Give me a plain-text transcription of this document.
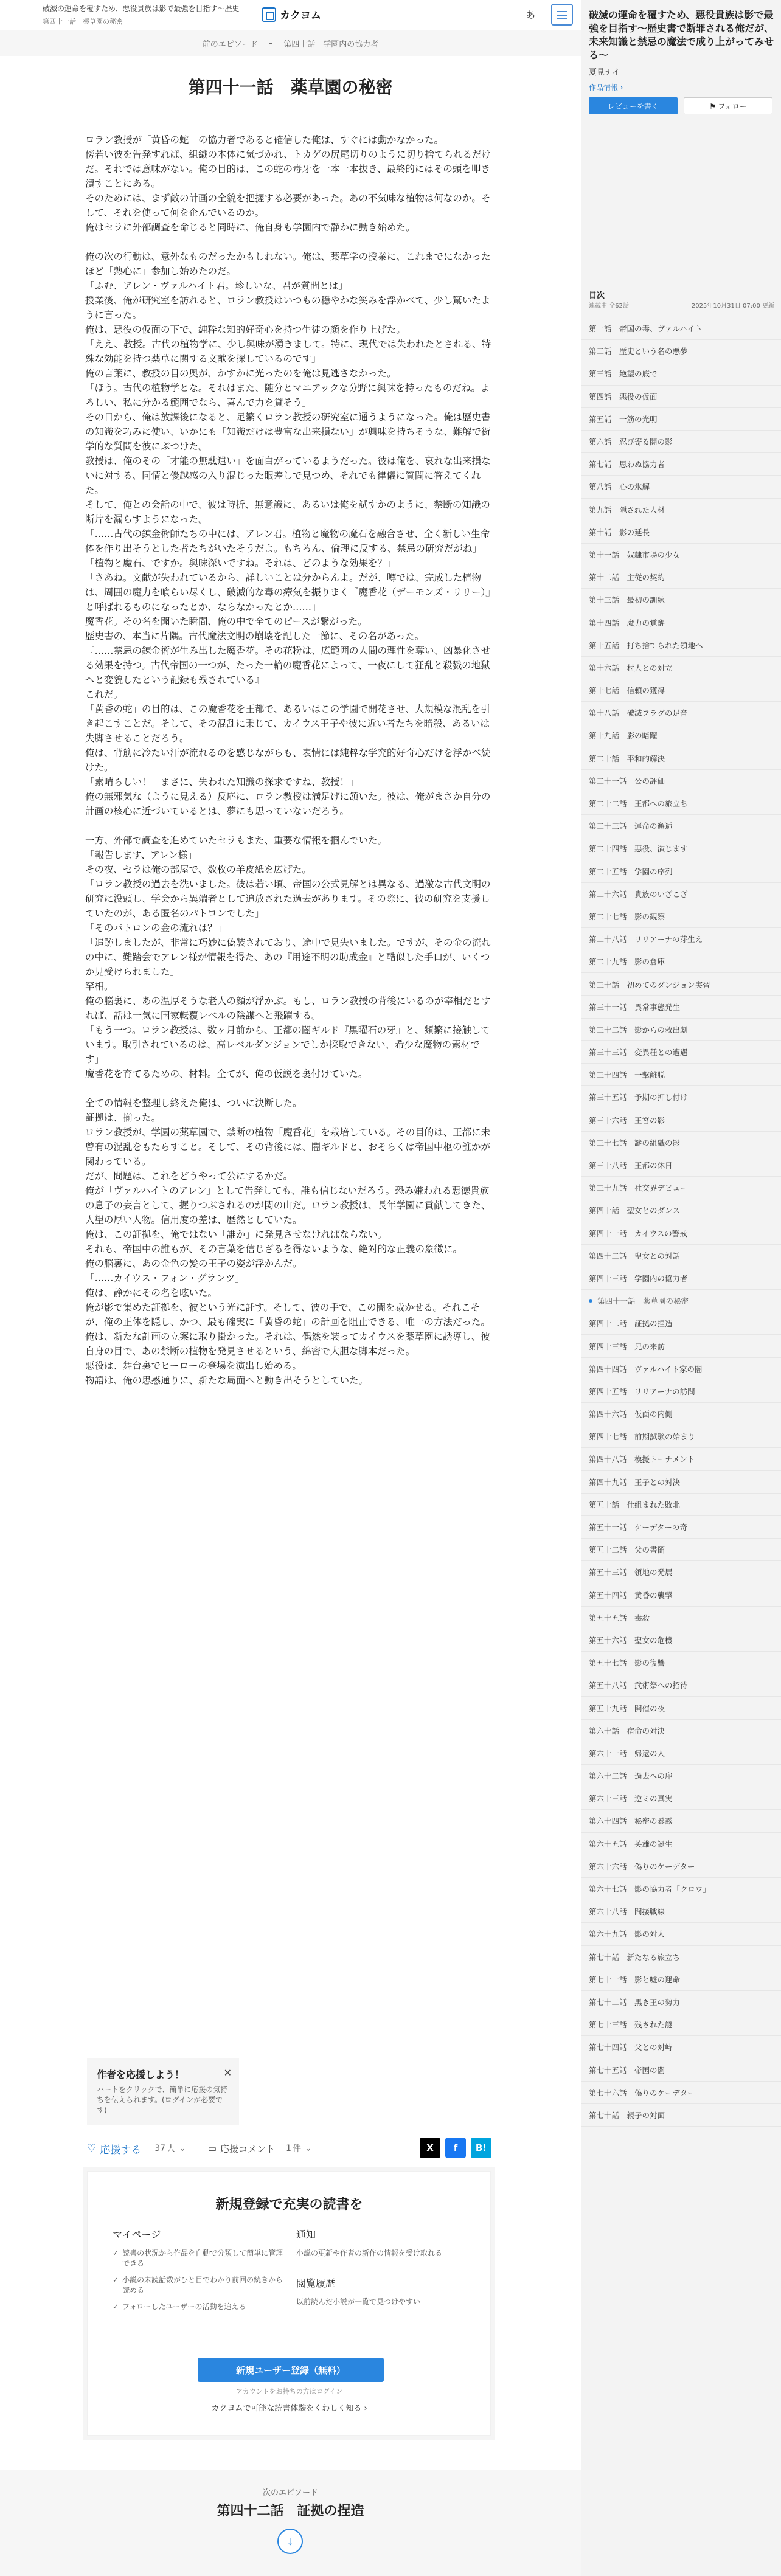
破滅の運命を覆すため、悪役貴族は影で最強を目指す〜歴史
第四十一話　薬草園の秘密	カクヨム	あ
前のエピソード – 第四十話　学園内の協力者
第四十一話　薬草園の秘密

ロラン教授が「黄昏の蛇」の協力者であると確信した俺は、すぐには動かなかった。

傍若い彼を告発すれば、組織の本体に気づかれ、トカゲの尻尾切りのように切り捨てられるだけだ。それでは意味がない。俺の目的は、この蛇の毒牙を一本一本抜き、最終的にはその頭を叩き潰すことにある。

そのためには、まず敵の計画の全貌を把握する必要があった。あの不気味な植物は何なのか。そして、それを使って何を企んでいるのか。

俺はセラに外部調査を命じると同時に、俺自身も学園内で静かに動き始めた。

俺の次の行動は、意外なものだったかもしれない。俺は、薬草学の授業に、これまでになかったほど「熱心に」参加し始めたのだ。

「ふむ、アレン・ヴァルハイト君。珍しいな、君が質問とは」

授業後、俺が研究室を訪れると、ロラン教授はいつもの穏やかな笑みを浮かべて、少し驚いたように言った。

俺は、悪役の仮面の下で、純粋な知的好奇心を持つ生徒の顔を作り上げた。

「ええ、教授。古代の植物学に、少し興味が湧きまして。特に、現代では失われたとされる、特殊な効能を持つ薬草に関する文献を探しているのです」

俺の言葉に、教授の目の奥が、かすかに光ったのを俺は見逃さなかった。

「ほう。古代の植物学とな。それはまた、随分とマニアックな分野に興味を持ったものだね。よろしい、私に分かる範囲でなら、喜んで力を貸そう」

その日から、俺は放課後になると、足繁くロラン教授の研究室に通うようになった。俺は歴史書の知識を巧みに使い、いかにも「知識だけは豊富な出来損ない」が興味を持ちそうな、難解で衒学的な質問を彼にぶつけた。

教授は、俺のその「才能の無駄遣い」を面白がっているようだった。彼は俺を、哀れな出来損ないに対する、同情と優越感の入り混じった眼差しで見つめ、それでも律儀に質問に答えてくれた。

そして、俺との会話の中で、彼は時折、無意識に、あるいは俺を試すかのように、禁断の知識の断片を漏らすようになった。

「……古代の錬金術師たちの中には、アレン君。植物と魔物の魔石を融合させ、全く新しい生命体を作り出そうとした者たちがいたそうだよ。もちろん、倫理に反する、禁忌の研究だがね」

「植物と魔石、ですか。興味深いですね。それは、どのような効果を？」

「さあね。文献が失われているから、詳しいことは分からんよ。だが、噂では、完成した植物は、周囲の魔力を喰らい尽くし、破滅的な毒の瘴気を振りまく『魔香花（デーモンズ・リリー）』と呼ばれるものになったとか、ならなかったとか……」

魔香花。その名を聞いた瞬間、俺の中で全てのピースが繋がった。

歴史書の、本当に片隅。古代魔法文明の崩壊を記した一節に、その名があった。

『……禁忌の錬金術が生み出した魔香花。その花粉は、広範囲の人間の理性を奪い、凶暴化させる効果を持つ。古代帝国の一つが、たった一輪の魔香花によって、一夜にして狂乱と殺戮の地獄へと変貌したという記録も残されている』

これだ。

「黄昏の蛇」の目的は、この魔香花を王都で、あるいはこの学園で開花させ、大規模な混乱を引き起こすことだ。そして、その混乱に乗じて、カイウス王子や彼に近い者たちを暗殺、あるいは失脚させることだろう。

俺は、背筋に冷たい汗が流れるのを感じながらも、表情には純粋な学究的好奇心だけを浮かべ続けた。

「素晴らしい！　まさに、失われた知識の探求ですね、教授！」

俺の無邪気な（ように見える）反応に、ロラン教授は満足げに頷いた。彼は、俺がまさか自分の計画の核心に近づいているとは、夢にも思っていないだろう。

一方、外部で調査を進めていたセラもまた、重要な情報を掴んでいた。

「報告します、アレン様」

その夜、セラは俺の部屋で、数枚の羊皮紙を広げた。

「ロラン教授の過去を洗いました。彼は若い頃、帝国の公式見解とは異なる、過激な古代文明の研究に没頭し、学会から異端者として追放された過去があります。その際に、彼の研究を支援していたのが、ある匿名のパトロンでした」

「そのパトロンの金の流れは？」

「追跡しましたが、非常に巧妙に偽装されており、途中で見失いました。ですが、その金の流れの中に、難踏会でアレン様が情報を得た、あの『用途不明の助成金』と酷似した手口が、いくつか見受けられました」

罕相。

俺の脳裏に、あの温厚そうな老人の顔が浮かぶ。もし、ロラン教授の背後にいるのが宰相だとすれば、話は一気に国家転覆レベルの陰謀へと飛躍する。

「もう一つ。ロラン教授は、数ヶ月前から、王都の闇ギルド『黒曜石の牙』と、頻繁に接触しています。取引されているのは、高レベルダンジョンでしか採取できない、希少な魔物の素材です」

魔香花を育てるための、材料。全てが、俺の仮説を裏付けていた。

全ての情報を整理し終えた俺は、ついに決断した。

証拠は、揃った。

ロラン教授が、学園の薬草園で、禁断の植物「魔香花」を栽培している。その目的は、王都に未曾有の混乱をもたらすこと。そして、その背後には、闇ギルドと、おそらくは帝国中枢の誰かが関わっている。

だが、問題は、これをどうやって公にするかだ。

俺が「ヴァルハイトのアレン」として告発しても、誰も信じないだろう。恐み嫌われる悪徳貴族の息子の妄言として、握りつぶされるのが関の山だ。ロラン教授は、長年学園に貢献してきた、人望の厚い人物。信用度の差は、歴然としていた。

俺は、この証拠を、俺ではない「誰か」に発見させなければならない。

それも、帝国中の誰もが、その言葉を信じざるを得ないような、絶対的な正義の象徴に。

俺の脳裏に、あの金色の髪の王子の姿が浮かんだ。

「……カイウス・フォン・グランツ」

俺は、静かにその名を呟いた。

俺が影で集めた証拠を、彼という光に託す。そして、彼の手で、この闇を裁かせる。それこそが、俺の正体を隠し、かつ、最も確実に「黄昏の蛇」の計画を阻止できる、唯一の方法だった。

俺は、新たな計画の立案に取り掛かった。それは、偶然を装ってカイウスを薬草園に誘導し、彼自身の目で、あの禁断の植物を発見させるという、綿密で大胆な脚本だった。

悪役は、舞台裏でヒーローの登場を演出し始める。

物語は、俺の思惑通りに、新たな局面へと動き出そうとしていた。

作者を応援しよう！
ハートをクリックで、簡単に応援の気持ちを伝えられます。(ログインが必要です)
✕
♡ 応援する 37 人 ⌄ ▭ 応援コメント 1 件 ⌄	X	f	B!
新規登録で充実の読書を
マイページ
✓ 読書の状況から作品を自動で分類して簡単に管理できる
✓ 小説の未読話数がひと目でわかり前回の続きから読める
✓ フォローしたユーザーの活動を追える
通知
小説の更新や作者の新作の情報を受け取れる
閲覧履歴
以前読んだ小説が一覧で見つけやすい
新規ユーザー登録（無料）
アカウントをお持ちの方はログイン
カクヨムで可能な読書体験をくわしく知る ›
次のエピソード
第四十二話　証拠の捏造
↓
破滅の運命を覆すため、悪役貴族は影で最強を目指す〜歴史書で断罪される俺だが、未来知識と禁忌の魔法で成り上がってみせる〜
夏見ナイ
作品情報 ›
レビューを書く	⚑ フォロー
目次
連載中 全62話	2025年10月31日 07:00 更新
第一話　帝国の毒、ヴァルハイト
第二話　歴史という名の悪夢
第三話　絶望の底で
第四話　悪役の仮面
第五話　一筋の光明
第六話　忍び寄る闇の影
第七話　思わぬ協力者
第八話　心の氷解
第九話　隠された人材
第十話　影の延長
第十一話　奴隷市場の少女
第十二話　主従の契約
第十三話　最初の訓練
第十四話　魔力の覚醒
第十五話　打ち捨てられた領地へ
第十六話　村人との対立
第十七話　信頼の獲得
第十八話　破滅フラグの足音
第十九話　影の暗躍
第二十話　平和的解決
第二十一話　公の評価
第二十二話　王都への旅立ち
第二十三話　運命の邂逅
第二十四話　悪役、演じます
第二十五話　学園の序列
第二十六話　貴族のいざこざ
第二十七話　影の観察
第二十八話　リリアーナの芽生え
第二十九話　影の倉庫
第三十話　初めてのダンジョン実習
第三十一話　異常事態発生
第三十二話　影からの救出劇
第三十三話　変異種との遭遇
第三十四話　一撃離脱
第三十五話　予期の押し付け
第三十六話　王宮の影
第三十七話　謎の組織の影
第三十八話　王都の休日
第三十九話　社交界デビュー
第四十話　聖女とのダンス
第四十一話　カイウスの警戒
第四十二話　聖女との対話
第四十三話　学園内の協力者
第四十一話　薬草園の秘密
第四十二話　証拠の捏造
第四十三話　兄の来訪
第四十四話　ヴァルハイト家の闇
第四十五話　リリアーナの訪問
第四十六話　仮面の内側
第四十七話　前期試験の始まり
第四十八話　模擬トーナメント
第四十九話　王子との対決
第五十話　仕組まれた敗北
第五十一話　ケーデターの奇
第五十二話　父の書簡
第五十三話　領地の発展
第五十四話　黄昏の襲撃
第五十五話　毒殺
第五十六話　聖女の危機
第五十七話　影の復讐
第五十八話　武術祭への招待
第五十九話　開催の夜
第六十話　宿命の対決
第六十一話　帰還の人
第六十二話　過去への扉
第六十三話　逆ミの真実
第六十四話　秘密の暴露
第六十五話　英雄の誕生
第六十六話　偽りのケーデター
第六十七話　影の協力者「クロウ」
第六十八話　間接戦線
第六十九話　影の対人
第七十話　新たなる旅立ち
第七十一話　影と嘘の運命
第七十二話　黒き王の勢力
第七十三話　残された謎
第七十四話　父との対峙
第七十五話　帝国の闇
第七十六話　偽りのケーデター
第七十話　親子の対面
